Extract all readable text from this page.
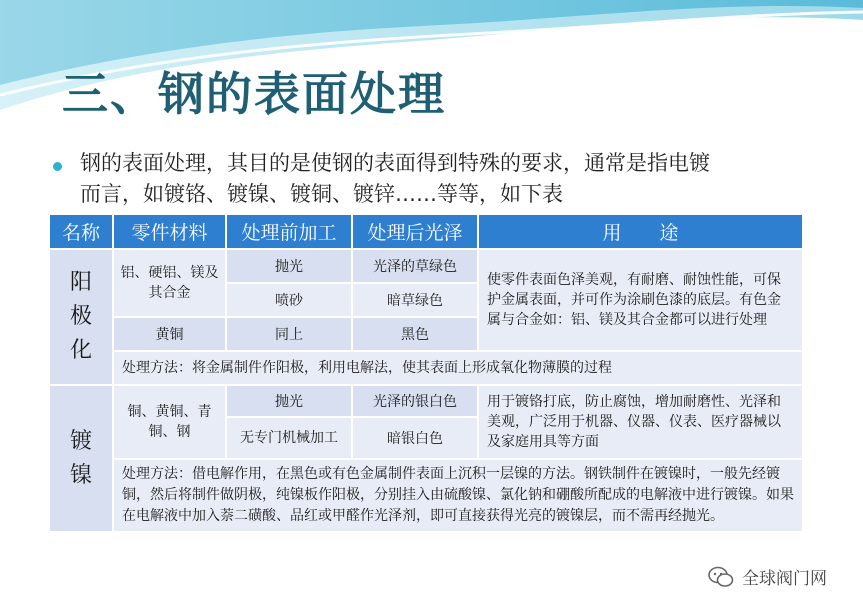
三、钢的表面处理
钢的表面处理，其目的是使钢的表面得到特殊的要求，通常是指电镀
而言，如镀铬、镀镍、镀铜、镀锌……等等，如下表
名称	零件材料	处理前加工	处理后光泽	用　　途

阳极化	铝、硬铝、镁及其合金	抛光	光泽的草绿色	使零件表面色泽美观，有耐磨、耐蚀性能，可保护金属表面，并可作为涂刷色漆的底层。有色金属与合金如：铝、镁及其合金都可以进行处理
		喷砂	暗草绿色	
	黄铜	同上	黑色	
	处理方法：将金属制件作阳极，利用电解法，使其表面上形成氧化物薄膜的过程			

镀镍	铜、黄铜、青铜、钢	抛光	光泽的银白色	用于镀铬打底，防止腐蚀，增加耐磨性、光泽和美观，广泛用于机器、仪器、仪表、医疗器械以及家庭用具等方面
		无专门机械加工	暗银白色	
	处理方法：借电解作用，在黑色或有色金属制件表面上沉积一层镍的方法。钢铁制件在镀镍时，一般先经镀铜，然后将制件做阴极，纯镍板作阳极，分别挂入由硫酸镍、氯化钠和硼酸所配成的电解液中进行镀镍。如果在电解液中加入萘二磺酸、品红或甲醛作光泽剂，即可直接获得光亮的镀镍层，而不需再经抛光。			
全球阀门网
